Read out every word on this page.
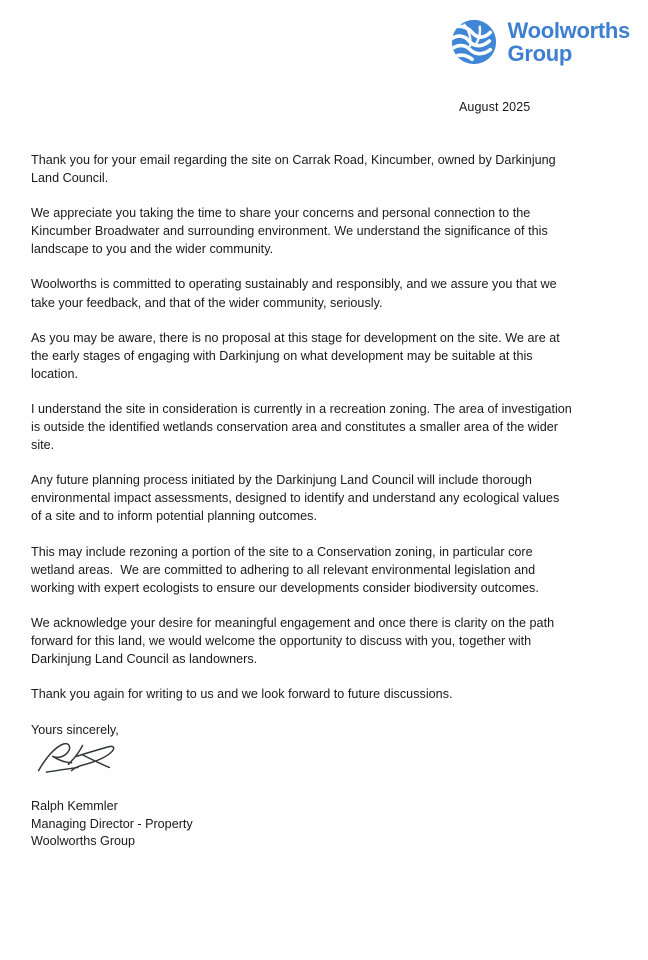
Woolworths
Group
August 2025

Thank you for your email regarding the site on Carrak Road, Kincumber, owned by Darkinjung Land Council.

We appreciate you taking the time to share your concerns and personal connection to the Kincumber Broadwater and surrounding environment. We understand the significance of this landscape to you and the wider community.

Woolworths is committed to operating sustainably and responsibly, and we assure you that we take your feedback, and that of the wider community, seriously.

As you may be aware, there is no proposal at this stage for development on the site. We are at the early stages of engaging with Darkinjung on what development may be suitable at this location.

I understand the site in consideration is currently in a recreation zoning. The area of investigation is outside the identified wetlands conservation area and constitutes a smaller area of the wider site.

Any future planning process initiated by the Darkinjung Land Council will include thorough environmental impact assessments, designed to identify and understand any ecological values of a site and to inform potential planning outcomes.

This may include rezoning a portion of the site to a Conservation zoning, in particular core wetland areas.  We are committed to adhering to all relevant environmental legislation and working with expert ecologists to ensure our developments consider biodiversity outcomes.

We acknowledge your desire for meaningful engagement and once there is clarity on the path forward for this land, we would welcome the opportunity to discuss with you, together with Darkinjung Land Council as landowners.

Thank you again for writing to us and we look forward to future discussions.

Yours sincerely,

Ralph Kemmler
Managing Director - Property
Woolworths Group
